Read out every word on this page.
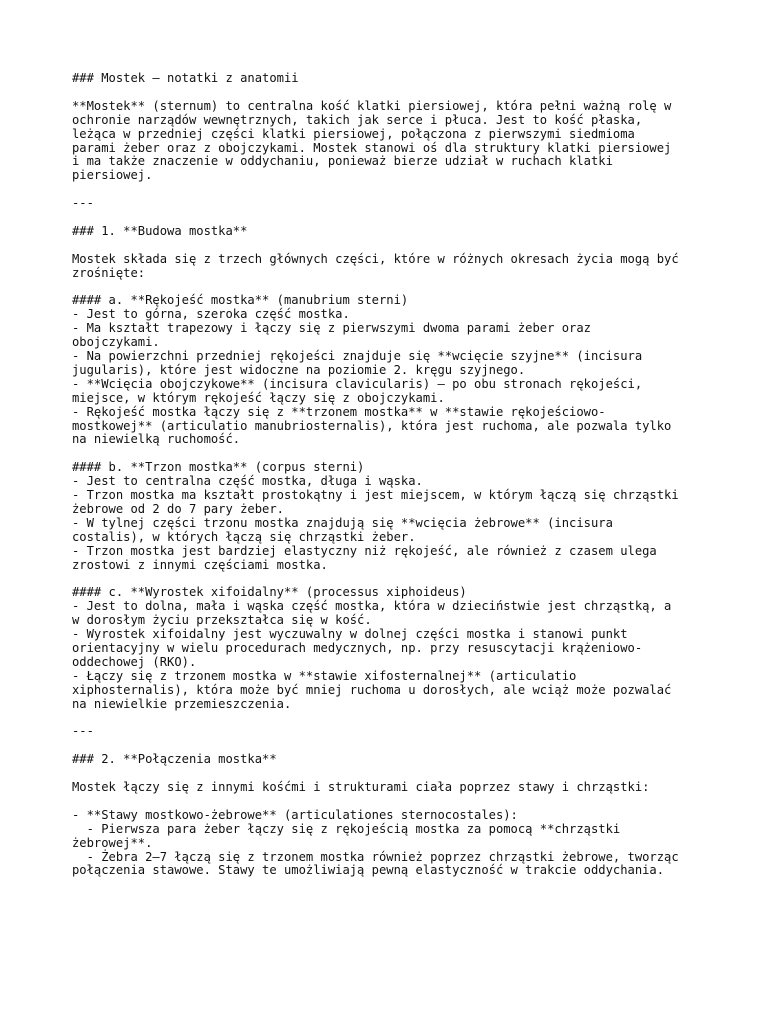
### Mostek – notatki z anatomii
**Mostek** (sternum) to centralna kość klatki piersiowej, która pełni ważną rolę w
ochronie narządów wewnętrznych, takich jak serce i płuca. Jest to kość płaska,
leżąca w przedniej części klatki piersiowej, połączona z pierwszymi siedmioma
parami żeber oraz z obojczykami. Mostek stanowi oś dla struktury klatki piersiowej
i ma także znaczenie w oddychaniu, ponieważ bierze udział w ruchach klatki
piersiowej.
---
### 1. **Budowa mostka**
Mostek składa się z trzech głównych części, które w różnych okresach życia mogą być
zrośnięte:
#### a. **Rękojeść mostka** (manubrium sterni)
- Jest to górna, szeroka część mostka.
- Ma kształt trapezowy i łączy się z pierwszymi dwoma parami żeber oraz
obojczykami.
- Na powierzchni przedniej rękojeści znajduje się **wcięcie szyjne** (incisura
jugularis), które jest widoczne na poziomie 2. kręgu szyjnego.
- **Wcięcia obojczykowe** (incisura clavicularis) – po obu stronach rękojeści,
miejsce, w którym rękojeść łączy się z obojczykami.
- Rękojeść mostka łączy się z **trzonem mostka** w **stawie rękojeściowo-
mostkowej** (articulatio manubriosternalis), która jest ruchoma, ale pozwala tylko
na niewielką ruchomość.
#### b. **Trzon mostka** (corpus sterni)
- Jest to centralna część mostka, długa i wąska.
- Trzon mostka ma kształt prostokątny i jest miejscem, w którym łączą się chrząstki
żebrowe od 2 do 7 pary żeber.
- W tylnej części trzonu mostka znajdują się **wcięcia żebrowe** (incisura
costalis), w których łączą się chrząstki żeber.
- Trzon mostka jest bardziej elastyczny niż rękojeść, ale również z czasem ulega
zrostowi z innymi częściami mostka.
#### c. **Wyrostek xifoidalny** (processus xiphoideus)
- Jest to dolna, mała i wąska część mostka, która w dzieciństwie jest chrząstką, a
w dorosłym życiu przekształca się w kość.
- Wyrostek xifoidalny jest wyczuwalny w dolnej części mostka i stanowi punkt
orientacyjny w wielu procedurach medycznych, np. przy resuscytacji krążeniowo-
oddechowej (RKO).
- Łączy się z trzonem mostka w **stawie xifosternalnej** (articulatio
xiphosternalis), która może być mniej ruchoma u dorosłych, ale wciąż może pozwalać
na niewielkie przemieszczenia.
---
### 2. **Połączenia mostka**
Mostek łączy się z innymi kośćmi i strukturami ciała poprzez stawy i chrząstki:
- **Stawy mostkowo-żebrowe** (articulationes sternocostales):
- Pierwsza para żeber łączy się z rękojeścią mostka za pomocą **chrząstki
żebrowej**.
- Żebra 2–7 łączą się z trzonem mostka również poprzez chrząstki żebrowe, tworząc
połączenia stawowe. Stawy te umożliwiają pewną elastyczność w trakcie oddychania.
